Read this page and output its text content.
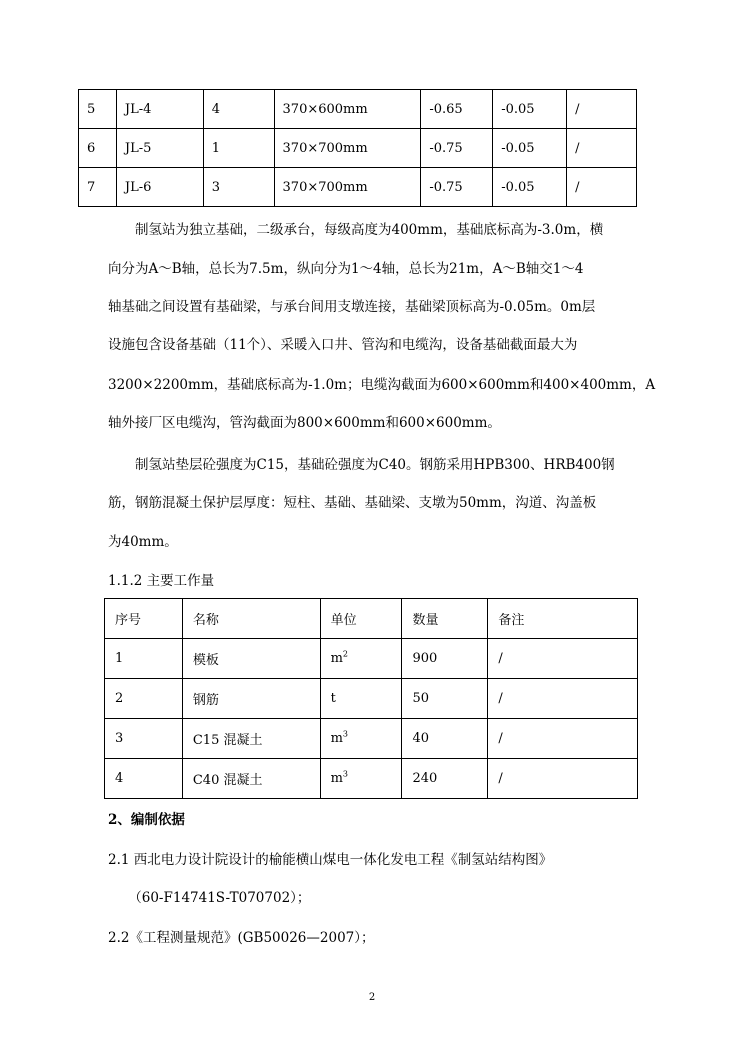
5	JL-4	4	370×600mm	-0.65	-0.05	/
6	JL-5	1	370×700mm	-0.75	-0.05	/
7	JL-6	3	370×700mm	-0.75	-0.05	/

　　制氢站为独立基础，二级承台，每级高度为400mm，基础底标高为-3.0m，横

向分为A～B轴，总长为7.5m，纵向分为1～4轴，总长为21m，A～B轴交1～4

轴基础之间设置有基础梁，与承台间用支墩连接，基础梁顶标高为-0.05m。0m层

设施包含设备基础（11个）、采暖入口井、管沟和电缆沟，设备基础截面最大为

3200×2200mm，基础底标高为-1.0m；电缆沟截面为600×600mm和400×400mm，A

轴外接厂区电缆沟，管沟截面为800×600mm和600×600mm。

　　制氢站垫层砼强度为C15，基础砼强度为C40。钢筋采用HPB300、HRB400钢

筋，钢筋混凝土保护层厚度：短柱、基础、基础梁、支墩为50mm，沟道、沟盖板

为40mm。

1.1.2 主要工作量

序号	名称	单位	数量	备注
1	模板	$m^2$	900	/
2	钢筋	t	50	/
3	C15 混凝土	$m^3$	40	/
4	C40 混凝土	$m^3$	240	/

2、编制依据

2.1 西北电力设计院设计的榆能横山煤电一体化发电工程《制氢站结构图》

　　（60-F14741S-T070702）；

2.2《工程测量规范》(GB50026—2007）；

2
